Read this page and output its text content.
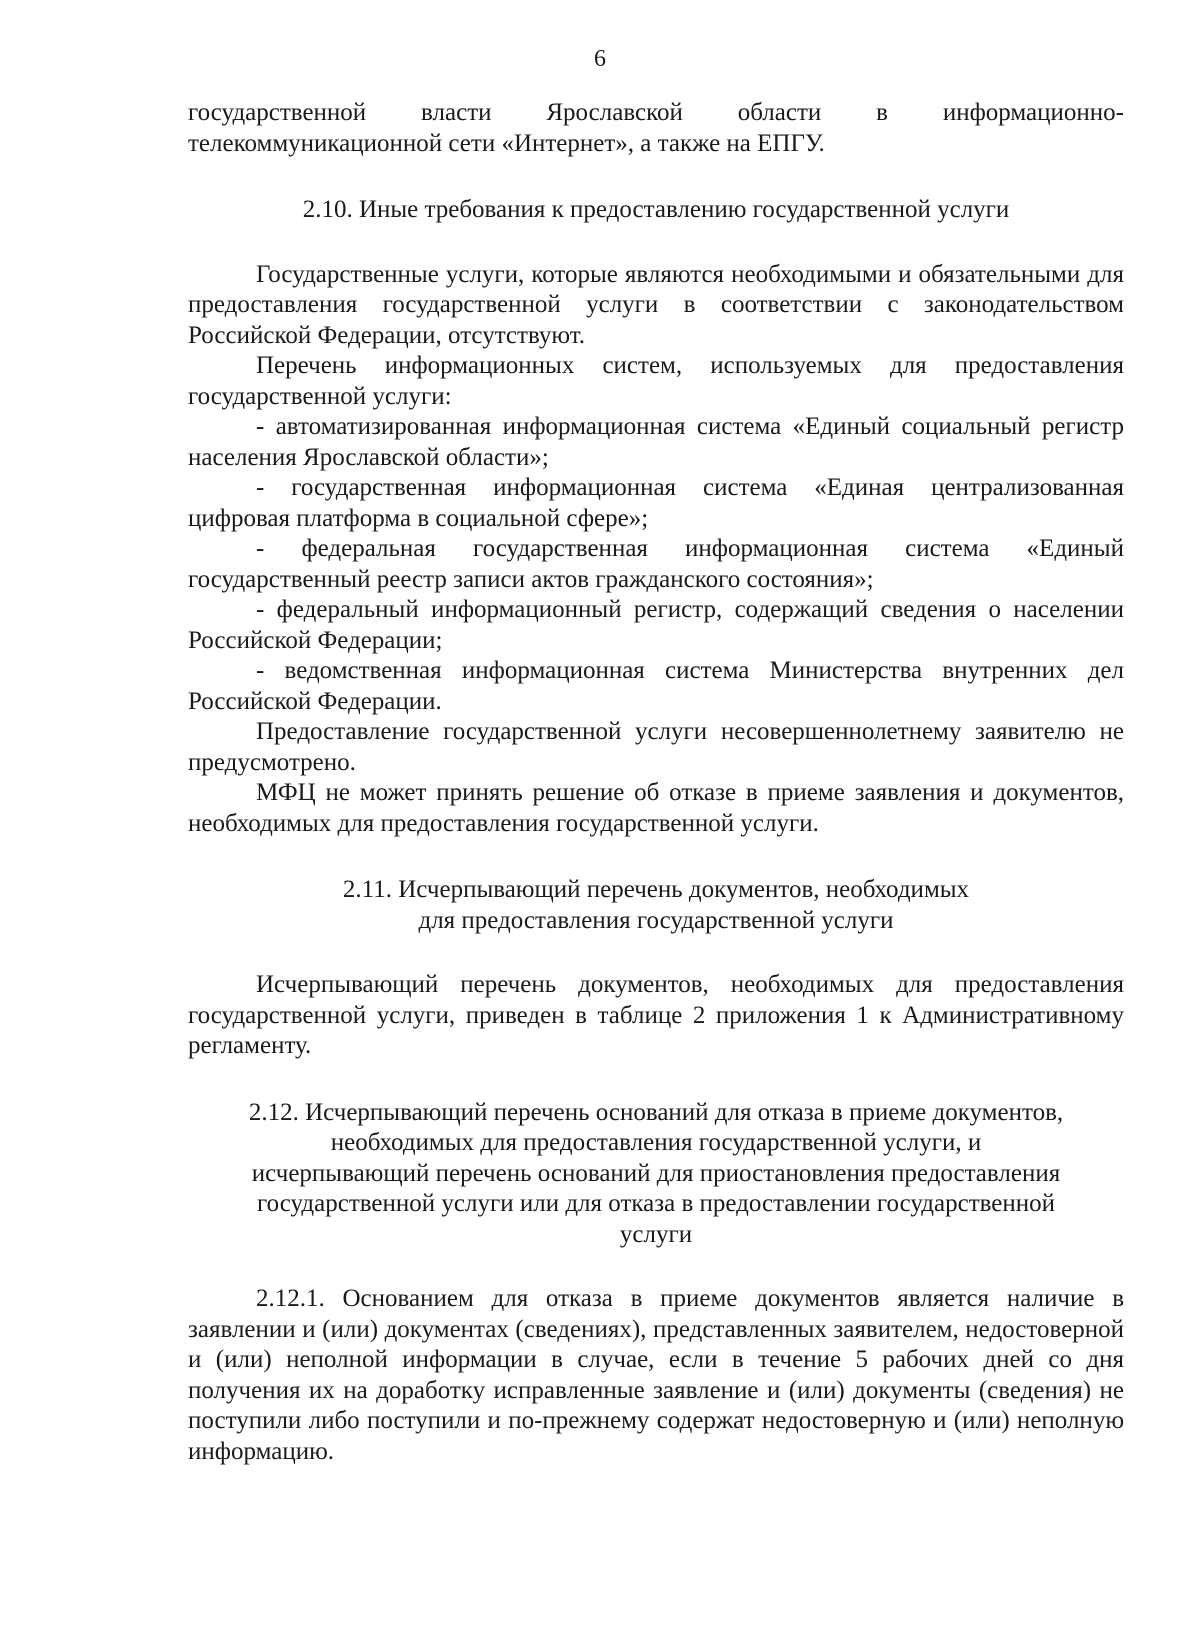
6

государственной власти Ярославской области в информационно-

телекоммуникационной сети «Интернет», а также на ЕПГУ.

2.10. Иные требования к предоставлению государственной услуги

Государственные услуги, которые являются необходимыми и обязательными для предоставления государственной услуги в соответствии с законодательством Российской Федерации, отсутствуют.

Перечень информационных систем, используемых для предоставления государственной услуги:

- автоматизированная информационная система «Единый социальный регистр населения Ярославской области»;

- государственная информационная система «Единая централизованная цифровая платформа в социальной сфере»;

- федеральная государственная информационная система «Единый государственный реестр записи актов гражданского состояния»;

- федеральный информационный регистр, содержащий сведения о населении Российской Федерации;

- ведомственная информационная система Министерства внутренних дел Российской Федерации.

Предоставление государственной услуги несовершеннолетнему заявителю не предусмотрено.

МФЦ не может принять решение об отказе в приеме заявления и документов, необходимых для предоставления государственной услуги.

2.11. Исчерпывающий перечень документов, необходимых

для предоставления государственной услуги

Исчерпывающий перечень документов, необходимых для предоставления государственной услуги, приведен в таблице 2 приложения 1 к Административному регламенту.

2.12. Исчерпывающий перечень оснований для отказа в приеме документов,

необходимых для предоставления государственной услуги, и

исчерпывающий перечень оснований для приостановления предоставления

государственной услуги или для отказа в предоставлении государственной

услуги

2.12.1. Основанием для отказа в приеме документов является наличие в заявлении и (или) документах (сведениях), представленных заявителем, недостоверной и (или) неполной информации в случае, если в течение 5 рабочих дней со дня получения их на доработку исправленные заявление и (или) документы (сведения) не поступили либо поступили и по-прежнему содержат недостоверную и (или) неполную информацию.
